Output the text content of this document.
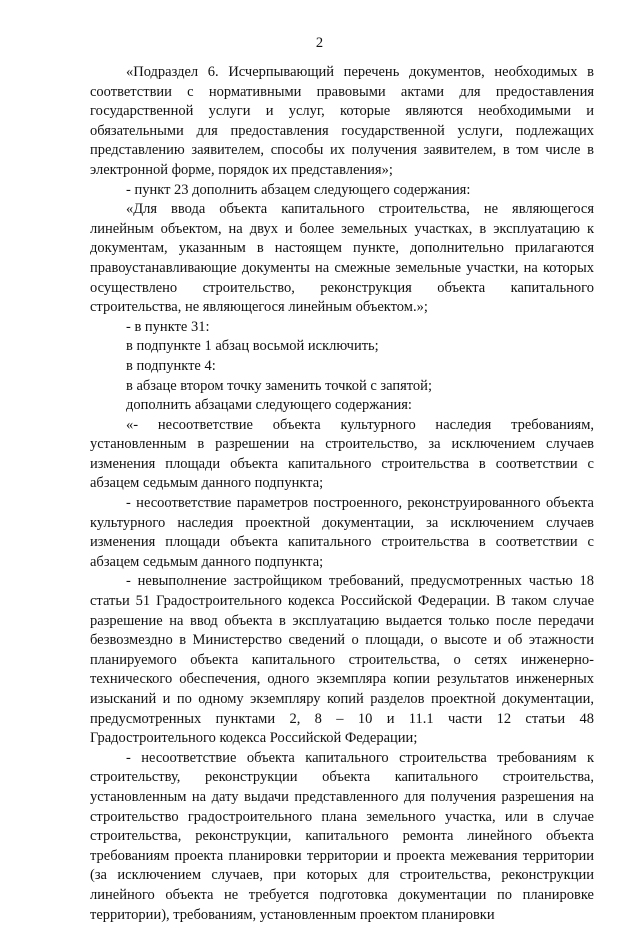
2

«Подраздел 6. Исчерпывающий перечень документов, необходимых в соответствии с нормативными правовыми актами для предоставления государственной услуги и услуг, которые являются необходимыми и обязательными для предоставления государственной услуги, подлежащих представлению заявителем, способы их получения заявителем, в том числе в электронной форме, порядок их представления»;

- пункт 23 дополнить абзацем следующего содержания:

«Для ввода объекта капитального строительства, не являющегося линейным объектом, на двух и более земельных участках, в эксплуатацию к документам, указанным в настоящем пункте, дополнительно прилагаются правоустанавливающие документы на смежные земельные участки, на которых осуществлено строительство, реконструкция объекта капитального строительства, не являющегося линейным объектом.»;

- в пункте 31:

в подпункте 1 абзац восьмой исключить;

в подпункте 4:

в абзаце втором точку заменить точкой с запятой;

дополнить абзацами следующего содержания:

«- несоответствие объекта культурного наследия требованиям, установленным в разрешении на строительство, за исключением случаев изменения площади объекта капитального строительства в соответствии с абзацем седьмым данного подпункта;

- несоответствие параметров построенного, реконструированного объекта культурного наследия проектной документации, за исключением случаев изменения площади объекта капитального строительства в соответствии с абзацем седьмым данного подпункта;

- невыполнение застройщиком требований, предусмотренных частью 18 статьи 51 Градостроительного кодекса Российской Федерации. В таком случае разрешение на ввод объекта в эксплуатацию выдается только после передачи безвозмездно в Министерство сведений о площади, о высоте и об этажности планируемого объекта капитального строительства, о сетях инженерно-технического обеспечения, одного экземпляра копии результатов инженерных изысканий и по одному экземпляру копий разделов проектной документации, предусмотренных пунктами 2, 8 – 10 и 11.1 части 12 статьи 48 Градостроительного кодекса Российской Федерации;

- несоответствие объекта капитального строительства требованиям к строительству, реконструкции объекта капитального строительства, установленным на дату выдачи представленного для получения разрешения на строительство градостроительного плана земельного участка, или в случае строительства, реконструкции, капитального ремонта линейного объекта требованиям проекта планировки территории и проекта межевания территории (за исключением случаев, при которых для строительства, реконструкции линейного объекта не требуется подготовка документации по планировке территории), требованиям, установленным проектом планировки
